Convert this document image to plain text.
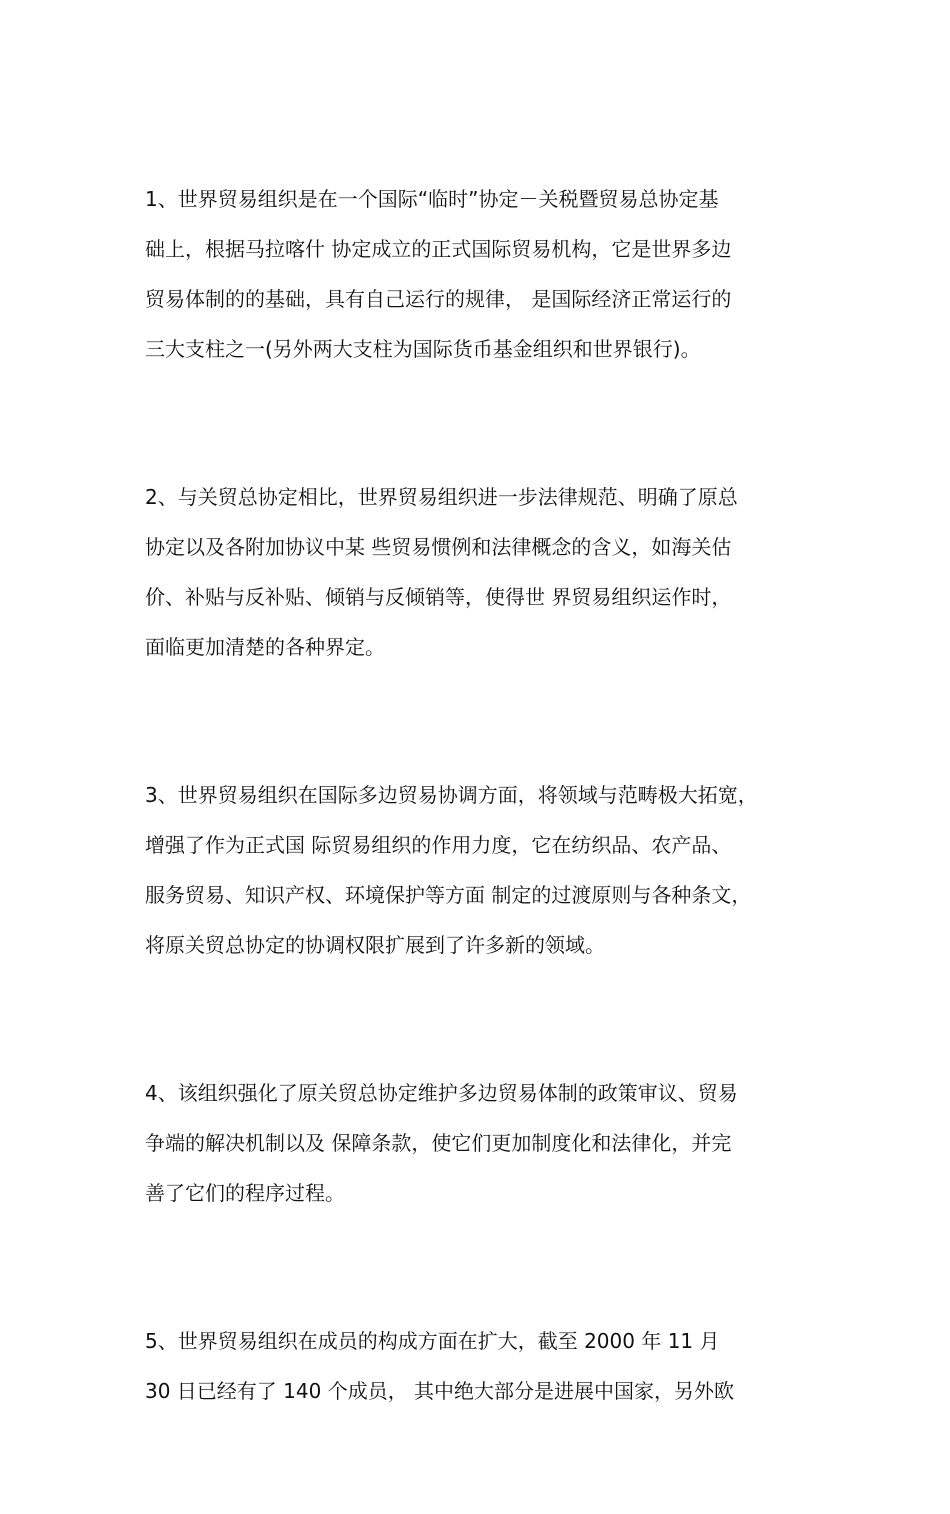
1、世界贸易组织是在一个国际“临时”协定－关税暨贸易总协定基
础上，根据马拉喀什 协定成立的正式国际贸易机构，它是世界多边
贸易体制的的基础，具有自己运行的规律， 是国际经济正常运行的
三大支柱之一(另外两大支柱为国际货币基金组织和世界银行)。
2、与关贸总协定相比，世界贸易组织进一步法律规范、明确了原总
协定以及各附加协议中某 些贸易惯例和法律概念的含义，如海关估
价、补贴与反补贴、倾销与反倾销等，使得世 界贸易组织运作时，
面临更加清楚的各种界定。
3、世界贸易组织在国际多边贸易协调方面，将领域与范畴极大拓宽，
增强了作为正式国 际贸易组织的作用力度，它在纺织品、农产品、
服务贸易、知识产权、环境保护等方面 制定的过渡原则与各种条文，
将原关贸总协定的协调权限扩展到了许多新的领域。
4、该组织强化了原关贸总协定维护多边贸易体制的政策审议、贸易
争端的解决机制以及 保障条款，使它们更加制度化和法律化，并完
善了它们的程序过程。
5、世界贸易组织在成员的构成方面在扩大，截至 2000 年 11 月
30 日已经有了 140 个成员， 其中绝大部分是进展中国家，另外欧
